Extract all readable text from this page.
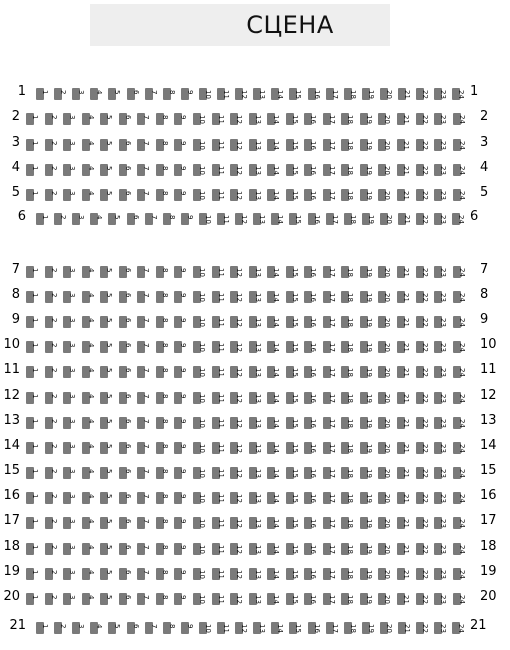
СЦЕНА
1 1 2 3 4 5 6 7 8 9 10 11 12 13 14 15 16 17 18 19 20 21 22 23 24 1
2 1 2 3 4 5 6 7 8 9 10 11 12 13 14 15 16 17 18 19 20 21 22 23 24 2
3 1 2 3 4 5 6 7 8 9 10 11 12 13 14 15 16 17 18 19 20 21 22 23 24 3
4 1 2 3 4 5 6 7 8 9 10 11 12 13 14 15 16 17 18 19 20 21 22 23 24 4
5 1 2 3 4 5 6 7 8 9 10 11 12 13 14 15 16 17 18 19 20 21 22 23 24 5
6 1 2 3 4 5 6 7 8 9 10 11 12 13 14 15 16 17 18 19 20 21 22 23 24 6
7 1 2 3 4 5 6 7 8 9 10 11 12 13 14 15 16 17 18 19 20 21 22 23 24 7
8 1 2 3 4 5 6 7 8 9 10 11 12 13 14 15 16 17 18 19 20 21 22 23 24 8
9 1 2 3 4 5 6 7 8 9 10 11 12 13 14 15 16 17 18 19 20 21 22 23 24 9
10 1 2 3 4 5 6 7 8 9 10 11 12 13 14 15 16 17 18 19 20 21 22 23 24 10
11 1 2 3 4 5 6 7 8 9 10 11 12 13 14 15 16 17 18 19 20 21 22 23 24 11
12 1 2 3 4 5 6 7 8 9 10 11 12 13 14 15 16 17 18 19 20 21 22 23 24 12
13 1 2 3 4 5 6 7 8 9 10 11 12 13 14 15 16 17 18 19 20 21 22 23 24 13
14 1 2 3 4 5 6 7 8 9 10 11 12 13 14 15 16 17 18 19 20 21 22 23 24 14
15 1 2 3 4 5 6 7 8 9 10 11 12 13 14 15 16 17 18 19 20 21 22 23 24 15
16 1 2 3 4 5 6 7 8 9 10 11 12 13 14 15 16 17 18 19 20 21 22 23 24 16
17 1 2 3 4 5 6 7 8 9 10 11 12 13 14 15 16 17 18 19 20 21 22 23 24 17
18 1 2 3 4 5 6 7 8 9 10 11 12 13 14 15 16 17 18 19 20 21 22 23 24 18
19 1 2 3 4 5 6 7 8 9 10 11 12 13 14 15 16 17 18 19 20 21 22 23 24 19
20 1 2 3 4 5 6 7 8 9 10 11 12 13 14 15 16 17 18 19 20 21 22 23 24 20
21 1 2 3 4 5 6 7 8 9 10 11 12 13 14 15 16 17 18 19 20 21 22 23 24 21
